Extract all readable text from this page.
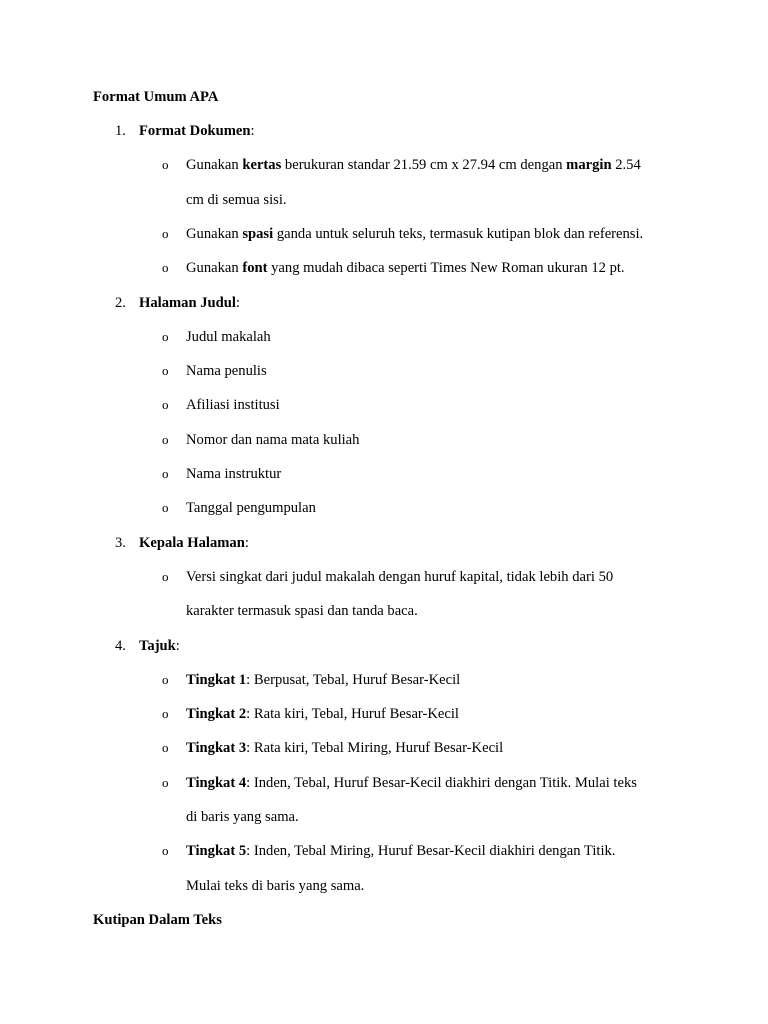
Format Umum APA
1. Format Dokumen:
o Gunakan kertas berukuran standar 21.59 cm x 27.94 cm dengan margin 2.54
cm di semua sisi.
o Gunakan spasi ganda untuk seluruh teks, termasuk kutipan blok dan referensi.
o Gunakan font yang mudah dibaca seperti Times New Roman ukuran 12 pt.
2. Halaman Judul:
o Judul makalah
o Nama penulis
o Afiliasi institusi
o Nomor dan nama mata kuliah
o Nama instruktur
o Tanggal pengumpulan
3. Kepala Halaman:
o Versi singkat dari judul makalah dengan huruf kapital, tidak lebih dari 50
karakter termasuk spasi dan tanda baca.
4. Tajuk:
o Tingkat 1: Berpusat, Tebal, Huruf Besar-Kecil
o Tingkat 2: Rata kiri, Tebal, Huruf Besar-Kecil
o Tingkat 3: Rata kiri, Tebal Miring, Huruf Besar-Kecil
o Tingkat 4: Inden, Tebal, Huruf Besar-Kecil diakhiri dengan Titik. Mulai teks
di baris yang sama.
o Tingkat 5: Inden, Tebal Miring, Huruf Besar-Kecil diakhiri dengan Titik.
Mulai teks di baris yang sama.
Kutipan Dalam Teks
